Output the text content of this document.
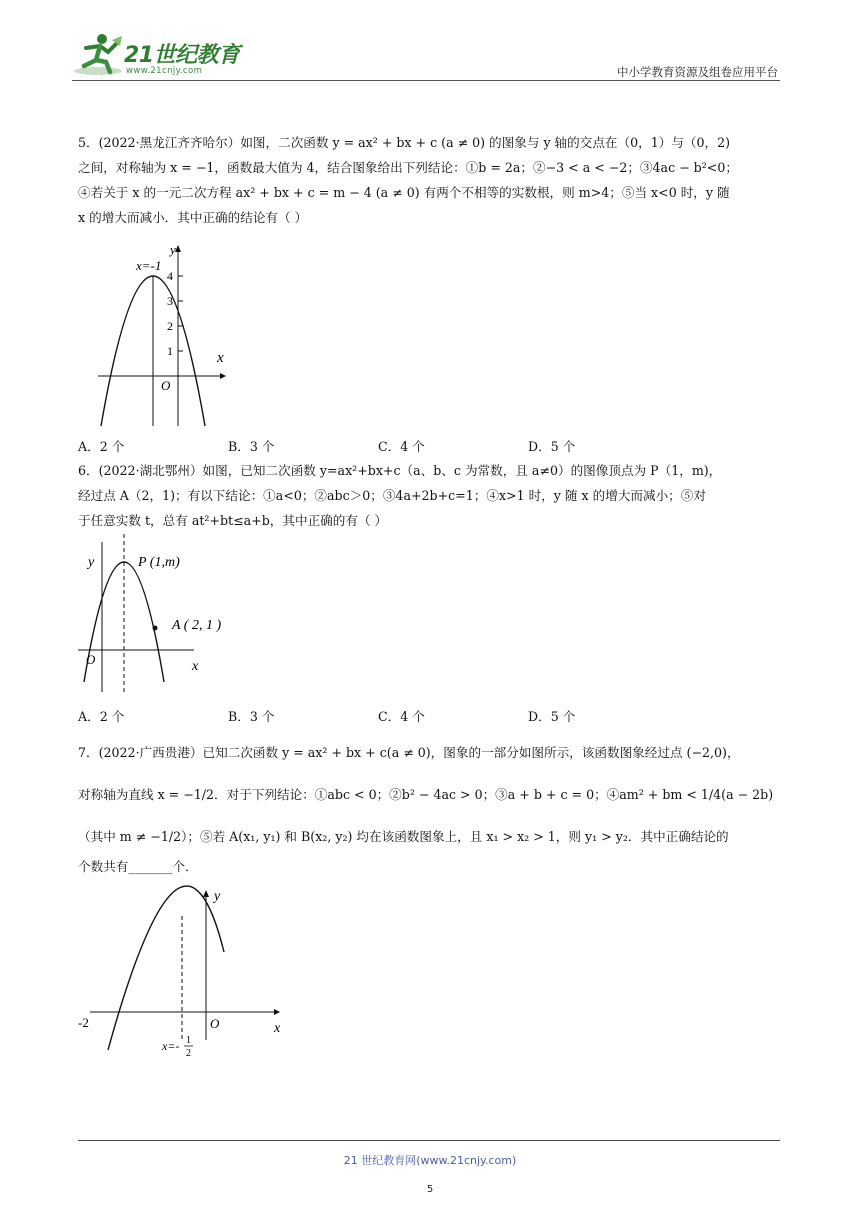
21世纪教育
www.21cnjy.com	中小学教育资源及组卷应用平台
5．(2022·黑龙江齐齐哈尔）如图，二次函数 y = ax² + bx + c (a ≠ 0) 的图象与 y 轴的交点在（0，1）与（0，2)
之间，对称轴为 x = −1，函数最大值为 4，结合图象给出下列结论：①b = 2a；②−3 < a < −2；③4ac − b²<0；
④若关于 x 的一元二次方程 ax² + bx + c = m − 4 (a ≠ 0) 有两个不相等的实数根，则 m>4；⑤当 x<0 时，y 随
x 的增大而减小．其中正确的结论有（ ）
x=-1
y
x
O
4
3
2
1
A．2 个	B．3 个	C．4 个	D．5 个
6．(2022·湖北鄂州）如图，已知二次函数 y=ax²+bx+c（a、b、c 为常数，且 a≠0）的图像顶点为 P（1，m)，
经过点 A（2，1)；有以下结论：①a<0；②abc＞0；③4a+2b+c=1；④x>1 时，y 随 x 的增大而减小；⑤对
于任意实数 t，总有 at²+bt≤a+b，其中正确的有（ ）
y
x
O
P (1,m)
A ( 2, 1 )
A．2 个	B．3 个	C．4 个	D．5 个
7．(2022·广西贵港）已知二次函数 y = ax² + bx + c(a ≠ 0)，图象的一部分如图所示，该函数图象经过点 (−2,0)，
对称轴为直线 x = −1/2．对于下列结论：①abc < 0；②b² − 4ac > 0；③a + b + c = 0；④am² + bm < 1/4(a − 2b)
（其中 m ≠ −1/2）；⑤若 A(x₁, y₁) 和 B(x₂, y₂) 均在该函数图象上，且 x₁ > x₂ > 1，则 y₁ > y₂．其中正确结论的
个数共有_______个．
y
x
O
-2
x=- 1
2
21 世纪教育网(www.21cnjy.com)
5
